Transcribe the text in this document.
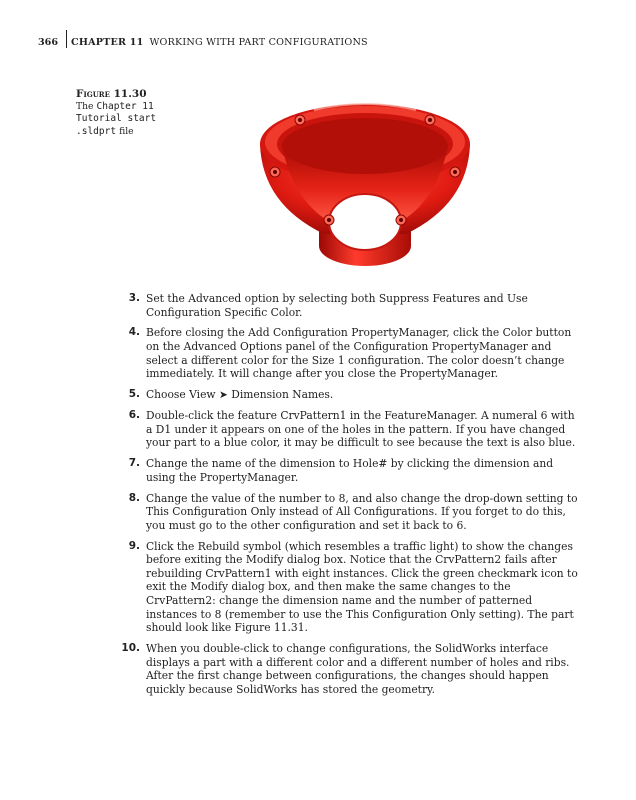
366	CHAPTER 11 WORKING WITH PART CONFIGURATIONS
Figure 11.30
The Chapter 11 Tutorial start .sldprt file
3. Set the Advanced option by selecting both Suppress Features and Use Configuration Specific Color.
4. Before closing the Add Configuration PropertyManager, click the Color button on the Advanced Options panel of the Configuration PropertyManager and select a different color for the Size 1 configuration. The color doesn’t change immediately. It will change after you close the PropertyManager.
5. Choose View ➤ Dimension Names.
6. Double-click the feature CrvPattern1 in the FeatureManager. A numeral 6 with a D1 under it appears on one of the holes in the pattern. If you have changed your part to a blue color, it may be difficult to see because the text is also blue.
7. Change the name of the dimension to Hole# by clicking the dimension and using the PropertyManager.
8. Change the value of the number to 8, and also change the drop-down setting to This Configuration Only instead of All Configurations. If you forget to do this, you must go to the other configuration and set it back to 6.
9. Click the Rebuild symbol (which resembles a traffic light) to show the changes before exiting the Modify dialog box. Notice that the CrvPattern2 fails after rebuilding CrvPattern1 with eight instances. Click the green checkmark icon to exit the Modify dialog box, and then make the same changes to the CrvPattern2: change the dimension name and the number of patterned instances to 8 (remember to use the This Configuration Only setting). The part should look like Figure 11.31.
10. When you double-click to change configurations, the SolidWorks interface displays a part with a different color and a different number of holes and ribs. After the first change between configurations, the changes should happen quickly because SolidWorks has stored the geometry.
